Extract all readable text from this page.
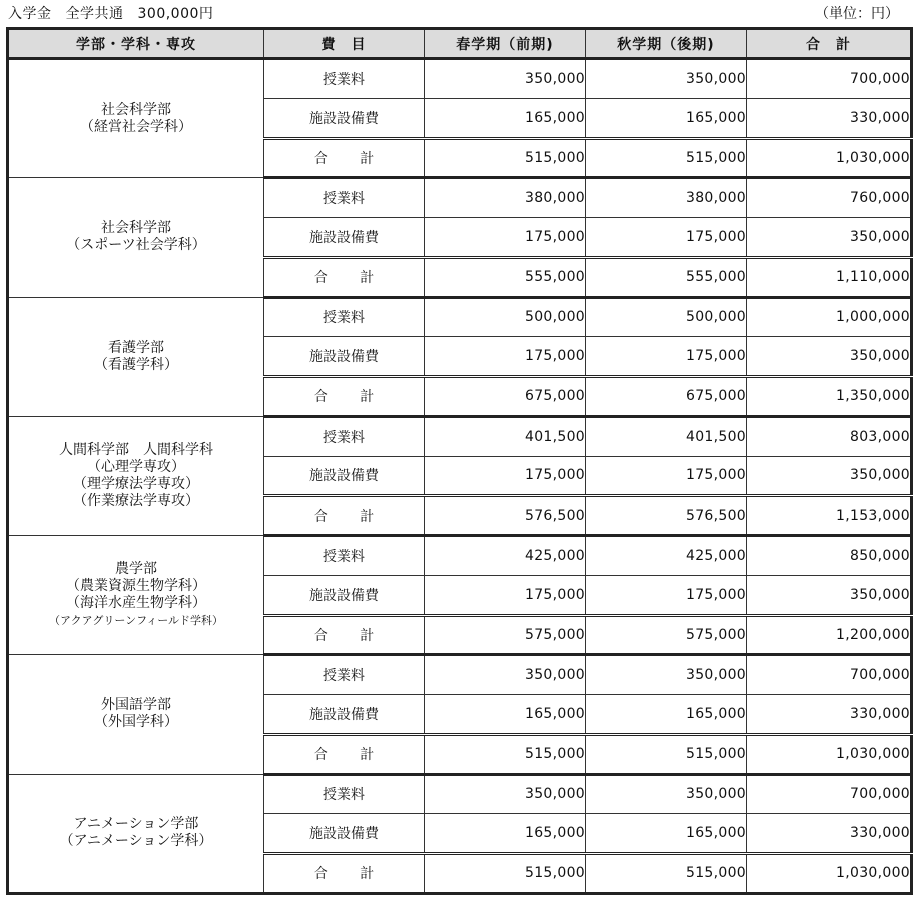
入学金 全学共通 300,000円	（単位：円）
学部・学科・専攻	費　目	春学期（前期)	秋学期（後期)	合　計

社会科学部
（経営社会学科）	授業料	350,000	350,000	700,000
	施設設備費	165,000	165,000	330,000
	合 計	515,000	515,000	1,030,000

社会科学部
（スポーツ社会学科）	授業料	380,000	380,000	760,000
	施設設備費	175,000	175,000	350,000
	合 計	555,000	555,000	1,110,000

看護学部
（看護学科）	授業料	500,000	500,000	1,000,000
	施設設備費	175,000	175,000	350,000
	合 計	675,000	675,000	1,350,000

人間科学部　人間科学科
（心理学専攻）
（理学療法学専攻）
（作業療法学専攻）	授業料	401,500	401,500	803,000
	施設設備費	175,000	175,000	350,000
	合 計	576,500	576,500	1,153,000

農学部
（農業資源生物学科）
（海洋水産生物学科）
（アクアグリーンフィールド学科）	授業料	425,000	425,000	850,000
	施設設備費	175,000	175,000	350,000
	合 計	575,000	575,000	1,200,000

外国語学部
（外国学科）	授業料	350,000	350,000	700,000
	施設設備費	165,000	165,000	330,000
	合 計	515,000	515,000	1,030,000

アニメーション学部
（アニメーション学科）	授業料	350,000	350,000	700,000
	施設設備費	165,000	165,000	330,000
	合 計	515,000	515,000	1,030,000
